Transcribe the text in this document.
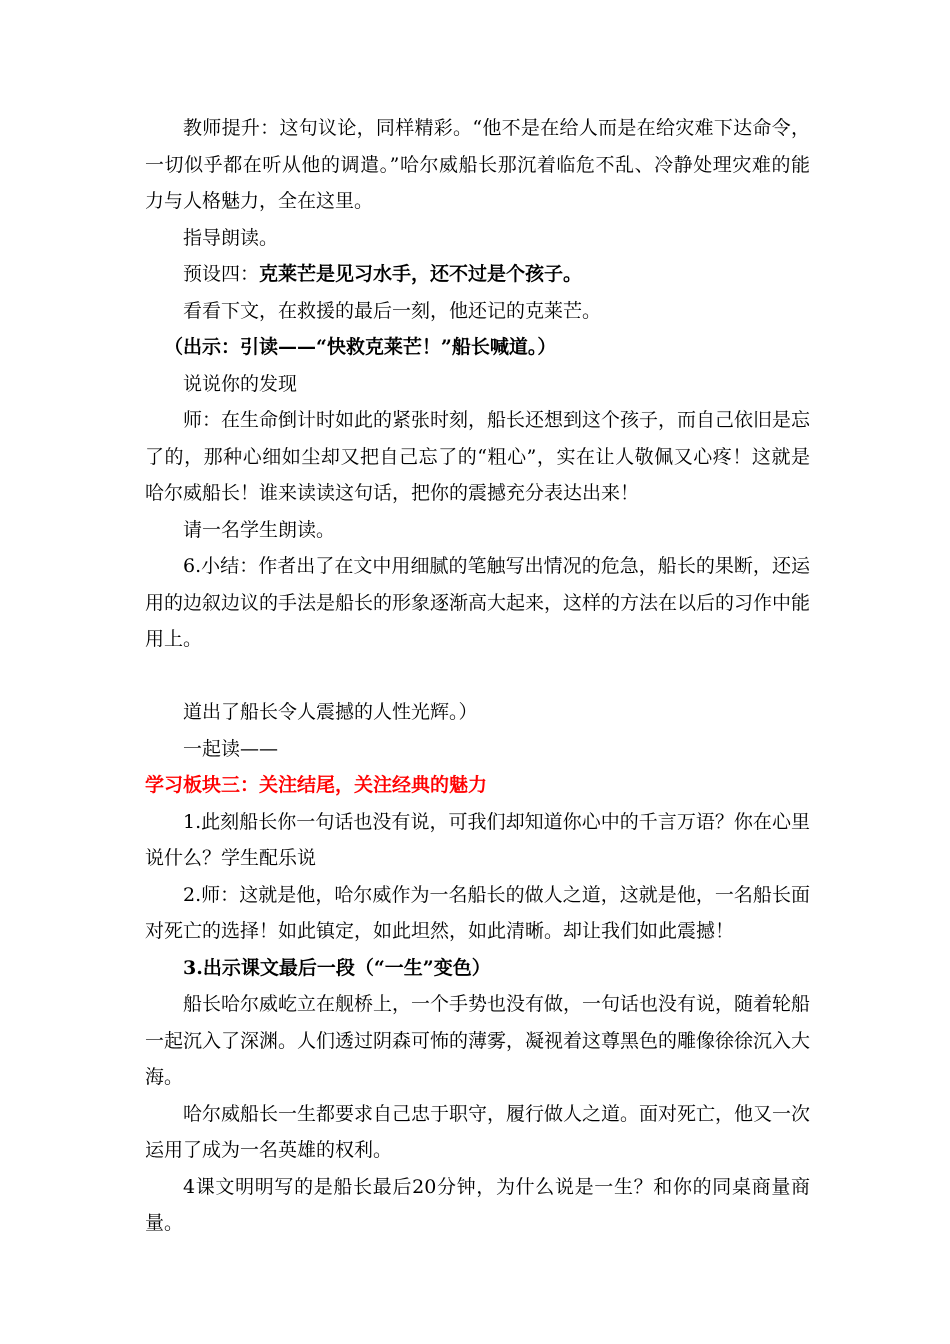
教师提升：这句议论，同样精彩。“他不是在给人而是在给灾难下达命令，一切似乎都在听从他的调遣。”哈尔威船长那沉着临危不乱、冷静处理灾难的能力与人格魅力，全在这里。

指导朗读。

预设四：克莱芒是见习水手，还不过是个孩子。

看看下文，在救援的最后一刻，他还记的克莱芒。

（出示：引读——“快救克莱芒！”船长喊道。）

说说你的发现

师：在生命倒计时如此的紧张时刻，船长还想到这个孩子，而自己依旧是忘了的，那种心细如尘却又把自己忘了的“粗心”，实在让人敬佩又心疼！这就是哈尔威船长！谁来读读这句话，把你的震撼充分表达出来！

请一名学生朗读。

6.小结：作者出了在文中用细腻的笔触写出情况的危急，船长的果断，还运用的边叙边议的手法是船长的形象逐渐高大起来，这样的方法在以后的习作中能用上。

道出了船长令人震撼的人性光辉。）

一起读——

学习板块三：关注结尾，关注经典的魅力

1.此刻船长你一句话也没有说，可我们却知道你心中的千言万语？你在心里说什么？学生配乐说

2.师：这就是他，哈尔威作为一名船长的做人之道，这就是他，一名船长面对死亡的选择！如此镇定，如此坦然，如此清晰。却让我们如此震撼！

3.出示课文最后一段（“一生”变色）

船长哈尔威屹立在舰桥上，一个手势也没有做，一句话也没有说，随着轮船一起沉入了深渊。人们透过阴森可怖的薄雾，凝视着这尊黑色的雕像徐徐沉入大海。

哈尔威船长一生都要求自己忠于职守，履行做人之道。面对死亡，他又一次运用了成为一名英雄的权利。

4课文明明写的是船长最后20分钟，为什么说是一生？和你的同桌商量商量。
